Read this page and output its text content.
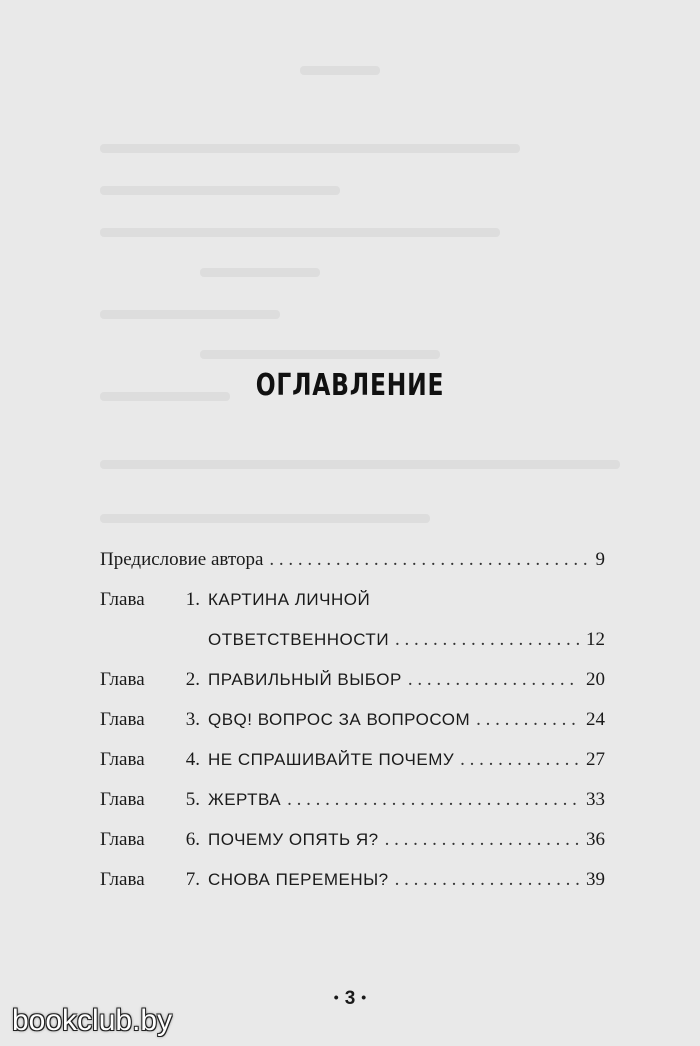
ОГЛАВЛЕНИЕ
Предисловие автора . . .	9
Глава	1. КАРТИНА ЛИЧНОЙ
ОТВЕТСТВЕННОСТИ . . .	12
Глава	2. ПРАВИЛЬНЫЙ ВЫБОР . . .	20
Глава	3. QBQ! ВОПРОС ЗА ВОПРОСОМ . . .	24
Глава	4. НЕ СПРАШИВАЙТЕ ПОЧЕМУ . . .	27
Глава	5. ЖЕРТВА . . .	33
Глава	6. ПОЧЕМУ ОПЯТЬ Я? . . .	36
Глава	7. СНОВА ПЕРЕМЕНЫ? . . .	39
• 3 •
bookclub.by
